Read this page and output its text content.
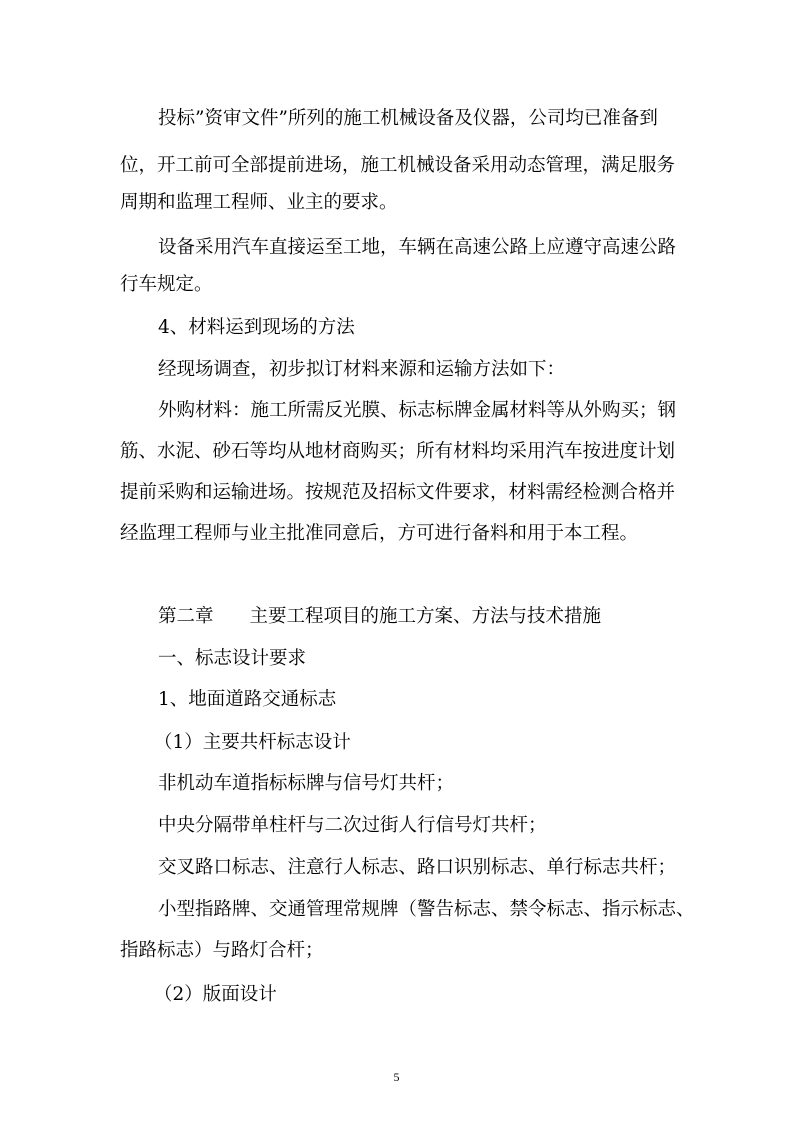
投标”资审文件”所列的施工机械设备及仪器，公司均已准备到
位，开工前可全部提前进场，施工机械设备采用动态管理，满足服务
周期和监理工程师、业主的要求。
设备采用汽车直接运至工地，车辆在高速公路上应遵守高速公路
行车规定。
4、材料运到现场的方法
经现场调查，初步拟订材料来源和运输方法如下：
外购材料：施工所需反光膜、标志标牌金属材料等从外购买；钢
筋、水泥、砂石等均从地材商购买；所有材料均采用汽车按进度计划
提前采购和运输进场。按规范及招标文件要求，材料需经检测合格并
经监理工程师与业主批准同意后，方可进行备料和用于本工程。
第二章 主要工程项目的施工方案、方法与技术措施
一、标志设计要求
1、地面道路交通标志
（1）主要共杆标志设计
非机动车道指标标牌与信号灯共杆；
中央分隔带单柱杆与二次过街人行信号灯共杆；
交叉路口标志、注意行人标志、路口识别标志、单行标志共杆；
小型指路牌、交通管理常规牌（警告标志、禁令标志、指示标志、
指路标志）与路灯合杆；
（2）版面设计
5
